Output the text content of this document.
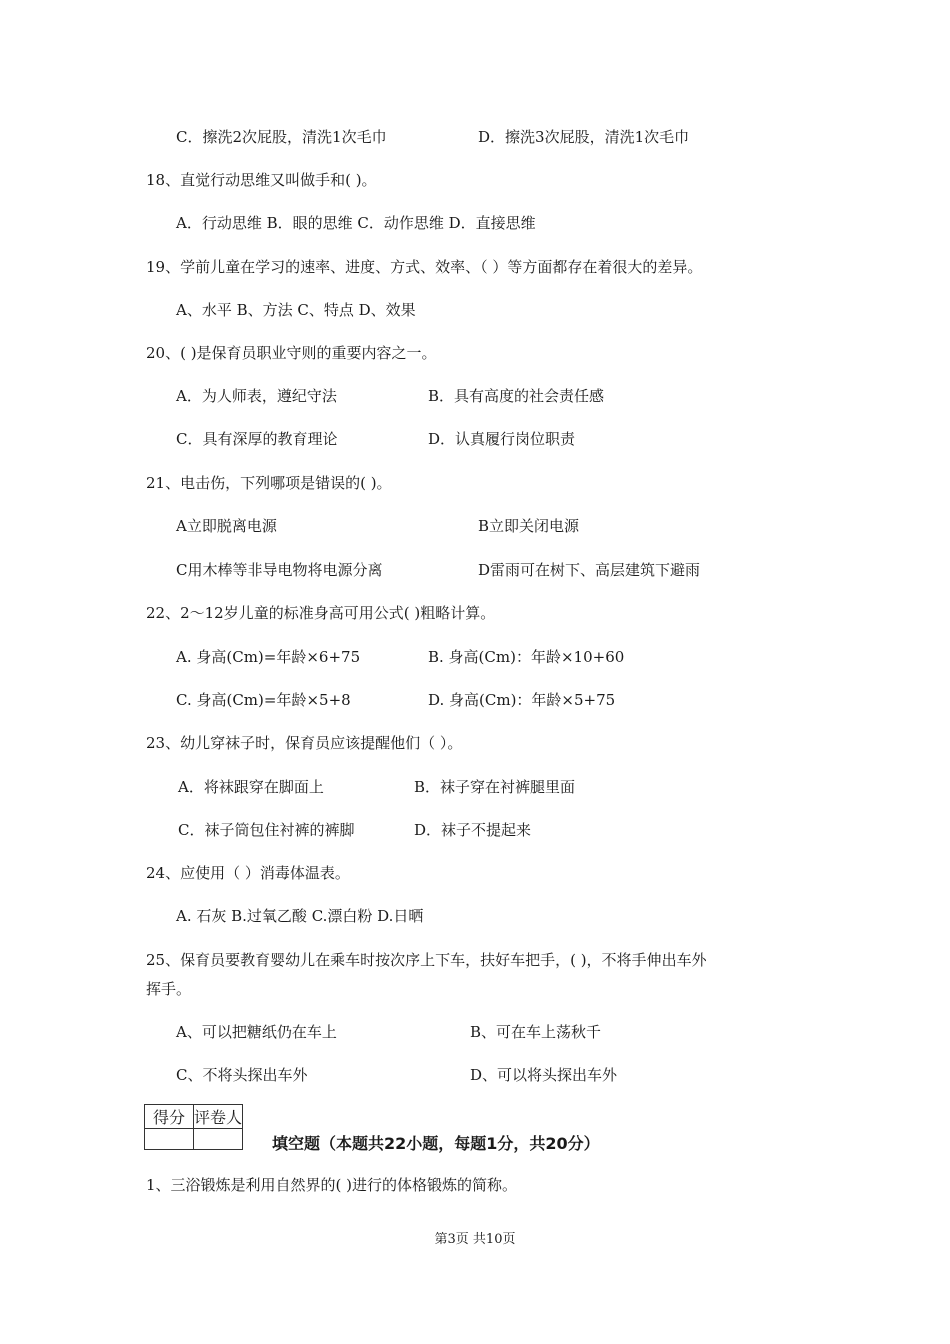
C．擦洗2次屁股，清洗1次毛巾	D．擦洗3次屁股，清洗1次毛巾
18、直觉行动思维又叫做手和( )。
A．行动思维 B．眼的思维 C．动作思维 D．直接思维
19、学前儿童在学习的速率、进度、方式、效率、（ ）等方面都存在着很大的差异。
A、水平 B、方法 C、特点 D、效果
20、( )是保育员职业守则的重要内容之一。
A．为人师表，遵纪守法	B．具有高度的社会责任感
C．具有深厚的教育理论	D．认真履行岗位职责
21、电击伤，下列哪项是错误的( )。
A立即脱离电源	B立即关闭电源
C用木棒等非导电物将电源分离	D雷雨可在树下、高层建筑下避雨
22、2～12岁儿童的标准身高可用公式( )粗略计算。
A. 身高(Cm)=年龄×6+75	B. 身高(Cm)：年龄×10+60
C. 身高(Cm)=年龄×5+8	D. 身高(Cm)：年龄×5+75
23、幼儿穿袜子时，保育员应该提醒他们（ ）。
A．将袜跟穿在脚面上	B．袜子穿在衬裤腿里面
C．袜子筒包住衬裤的裤脚	D．袜子不提起来
24、应使用（ ）消毒体温表。
A. 石灰 B.过氧乙酸 C.漂白粉 D.日晒
25、保育员要教育婴幼儿在乘车时按次序上下车，扶好车把手，( )，不将手伸出车外
挥手。
A、可以把糖纸仍在车上	B、可在车上荡秋千
C、不将头探出车外	D、可以将头探出车外
得分	评卷人

填空题（本题共22小题，每题1分，共20分）
1、三浴锻炼是利用自然界的( )进行的体格锻炼的简称。
第3页 共10页
